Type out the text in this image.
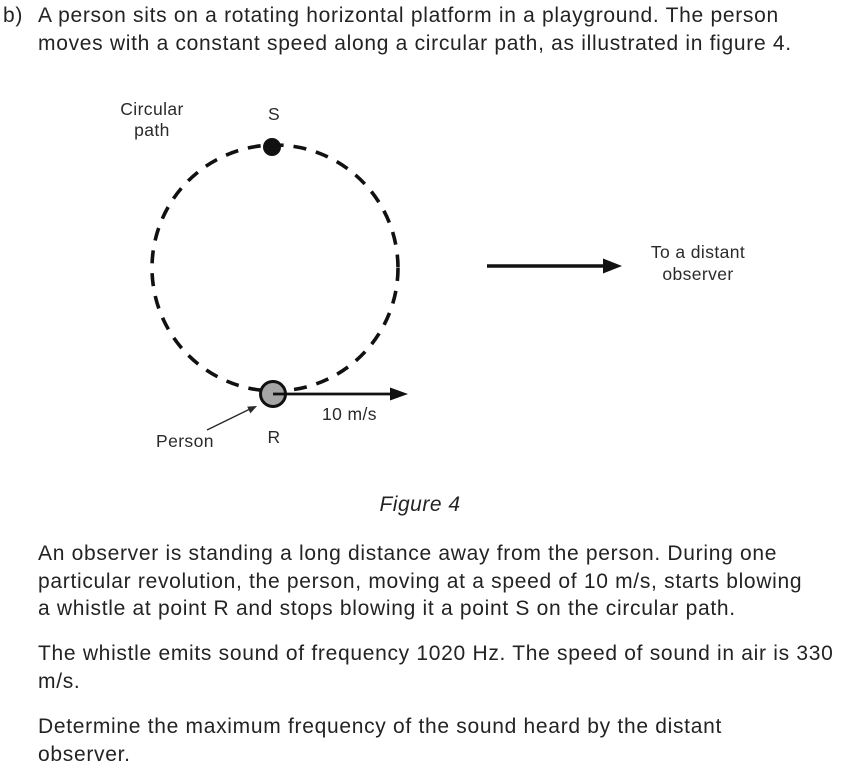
b) A person sits on a rotating horizontal platform in a playground. The person
moves with a constant speed along a circular path, as illustrated in figure 4.
Circular
path
S
Person	R
10 m/s
To a distant
observer
Figure 4
An observer is standing a long distance away from the person. During one
particular revolution, the person, moving at a speed of 10 m/s, starts blowing
a whistle at point R and stops blowing it a point S on the circular path.
The whistle emits sound of frequency 1020 Hz. The speed of sound in air is 330
m/s.
Determine the maximum frequency of the sound heard by the distant
observer.
